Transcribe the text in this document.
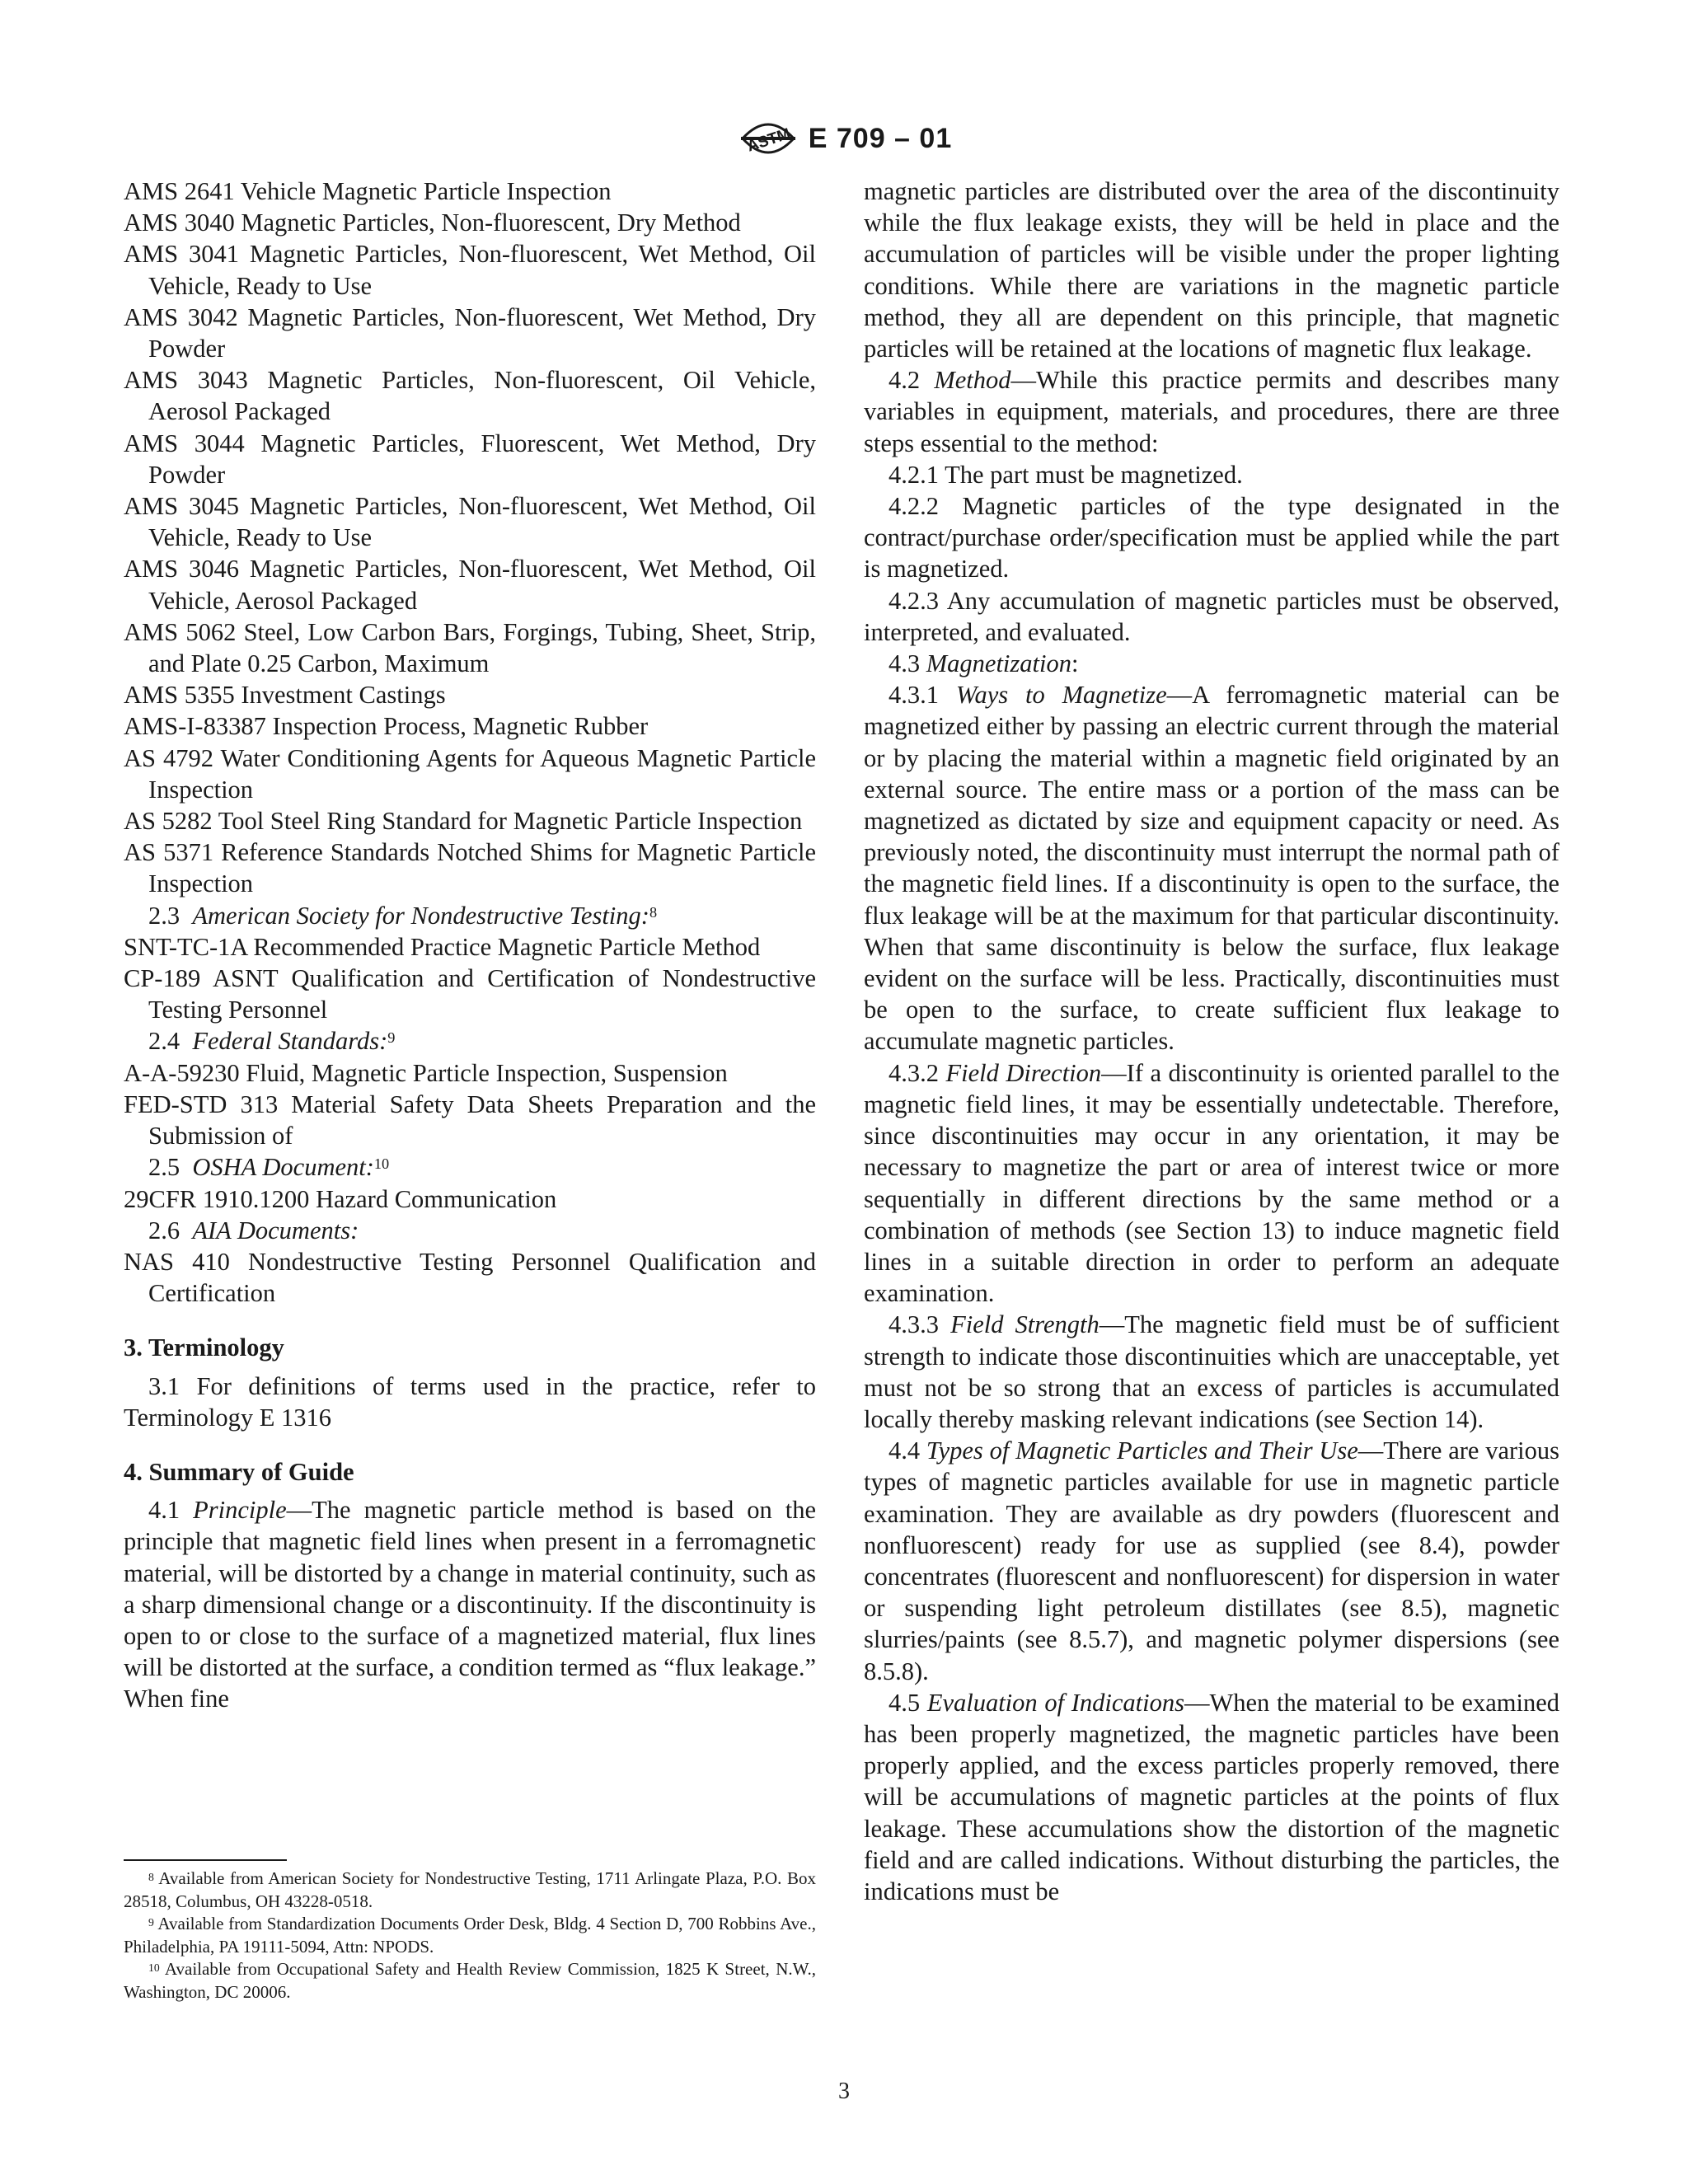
ASTM E 709 – 01

AMS 2641 Vehicle Magnetic Particle Inspection

AMS 3040 Magnetic Particles, Non-fluorescent, Dry Method

AMS 3041 Magnetic Particles, Non-fluorescent, Wet Method, Oil Vehicle, Ready to Use

AMS 3042 Magnetic Particles, Non-fluorescent, Wet Method, Dry Powder

AMS 3043 Magnetic Particles, Non-fluorescent, Oil Vehicle, Aerosol Packaged

AMS 3044 Magnetic Particles, Fluorescent, Wet Method, Dry Powder

AMS 3045 Magnetic Particles, Non-fluorescent, Wet Method, Oil Vehicle, Ready to Use

AMS 3046 Magnetic Particles, Non-fluorescent, Wet Method, Oil Vehicle, Aerosol Packaged

AMS 5062 Steel, Low Carbon Bars, Forgings, Tubing, Sheet, Strip, and Plate 0.25 Carbon, Maximum

AMS 5355 Investment Castings

AMS-I-83387 Inspection Process, Magnetic Rubber

AS 4792 Water Conditioning Agents for Aqueous Magnetic Particle Inspection

AS 5282 Tool Steel Ring Standard for Magnetic Particle Inspection

AS 5371 Reference Standards Notched Shims for Magnetic Particle Inspection

2.3 American Society for Nondestructive Testing:$^8$

SNT-TC-1A Recommended Practice Magnetic Particle Method

CP-189 ASNT Qualification and Certification of Nondestructive Testing Personnel

2.4 Federal Standards:$^9$

A-A-59230 Fluid, Magnetic Particle Inspection, Suspension

FED-STD 313 Material Safety Data Sheets Preparation and the Submission of

2.5 OSHA Document:$^{10}$

29CFR 1910.1200 Hazard Communication

2.6 AIA Documents:

NAS 410 Nondestructive Testing Personnel Qualification and Certification

3. Terminology

3.1 For definitions of terms used in the practice, refer to Terminology E 1316

4. Summary of Guide

4.1 Principle—The magnetic particle method is based on the principle that magnetic field lines when present in a ferromagnetic material, will be distorted by a change in material continuity, such as a sharp dimensional change or a discontinuity. If the discontinuity is open to or close to the surface of a magnetized material, flux lines will be distorted at the surface, a condition termed as “flux leakage.” When fine

magnetic particles are distributed over the area of the discontinuity while the flux leakage exists, they will be held in place and the accumulation of particles will be visible under the proper lighting conditions. While there are variations in the magnetic particle method, they all are dependent on this principle, that magnetic particles will be retained at the locations of magnetic flux leakage.

4.2 Method—While this practice permits and describes many variables in equipment, materials, and procedures, there are three steps essential to the method:

4.2.1 The part must be magnetized.

4.2.2 Magnetic particles of the type designated in the contract/purchase order/specification must be applied while the part is magnetized.

4.2.3 Any accumulation of magnetic particles must be observed, interpreted, and evaluated.

4.3 Magnetization:

4.3.1 Ways to Magnetize—A ferromagnetic material can be magnetized either by passing an electric current through the material or by placing the material within a magnetic field originated by an external source. The entire mass or a portion of the mass can be magnetized as dictated by size and equipment capacity or need. As previously noted, the discontinuity must interrupt the normal path of the magnetic field lines. If a discontinuity is open to the surface, the flux leakage will be at the maximum for that particular discontinuity. When that same discontinuity is below the surface, flux leakage evident on the surface will be less. Practically, discontinuities must be open to the surface, to create sufficient flux leakage to accumulate magnetic particles.

4.3.2 Field Direction—If a discontinuity is oriented parallel to the magnetic field lines, it may be essentially undetectable. Therefore, since discontinuities may occur in any orientation, it may be necessary to magnetize the part or area of interest twice or more sequentially in different directions by the same method or a combination of methods (see Section 13) to induce magnetic field lines in a suitable direction in order to perform an adequate examination.

4.3.3 Field Strength—The magnetic field must be of sufficient strength to indicate those discontinuities which are unacceptable, yet must not be so strong that an excess of particles is accumulated locally thereby masking relevant indications (see Section 14).

4.4 Types of Magnetic Particles and Their Use—There are various types of magnetic particles available for use in magnetic particle examination. They are available as dry powders (fluorescent and nonfluorescent) ready for use as supplied (see 8.4), powder concentrates (fluorescent and nonfluorescent) for dispersion in water or suspending light petroleum distillates (see 8.5), magnetic slurries/paints (see 8.5.7), and magnetic polymer dispersions (see 8.5.8).

4.5 Evaluation of Indications—When the material to be examined has been properly magnetized, the magnetic particles have been properly applied, and the excess particles properly removed, there will be accumulations of magnetic particles at the points of flux leakage. These accumulations show the distortion of the magnetic field and are called indications. Without disturbing the particles, the indications must be

$^8$ Available from American Society for Nondestructive Testing, 1711 Arlingate Plaza, P.O. Box 28518, Columbus, OH 43228-0518.

$^9$ Available from Standardization Documents Order Desk, Bldg. 4 Section D, 700 Robbins Ave., Philadelphia, PA 19111-5094, Attn: NPODS.

$^{10}$ Available from Occupational Safety and Health Review Commission, 1825 K Street, N.W., Washington, DC 20006.

3
